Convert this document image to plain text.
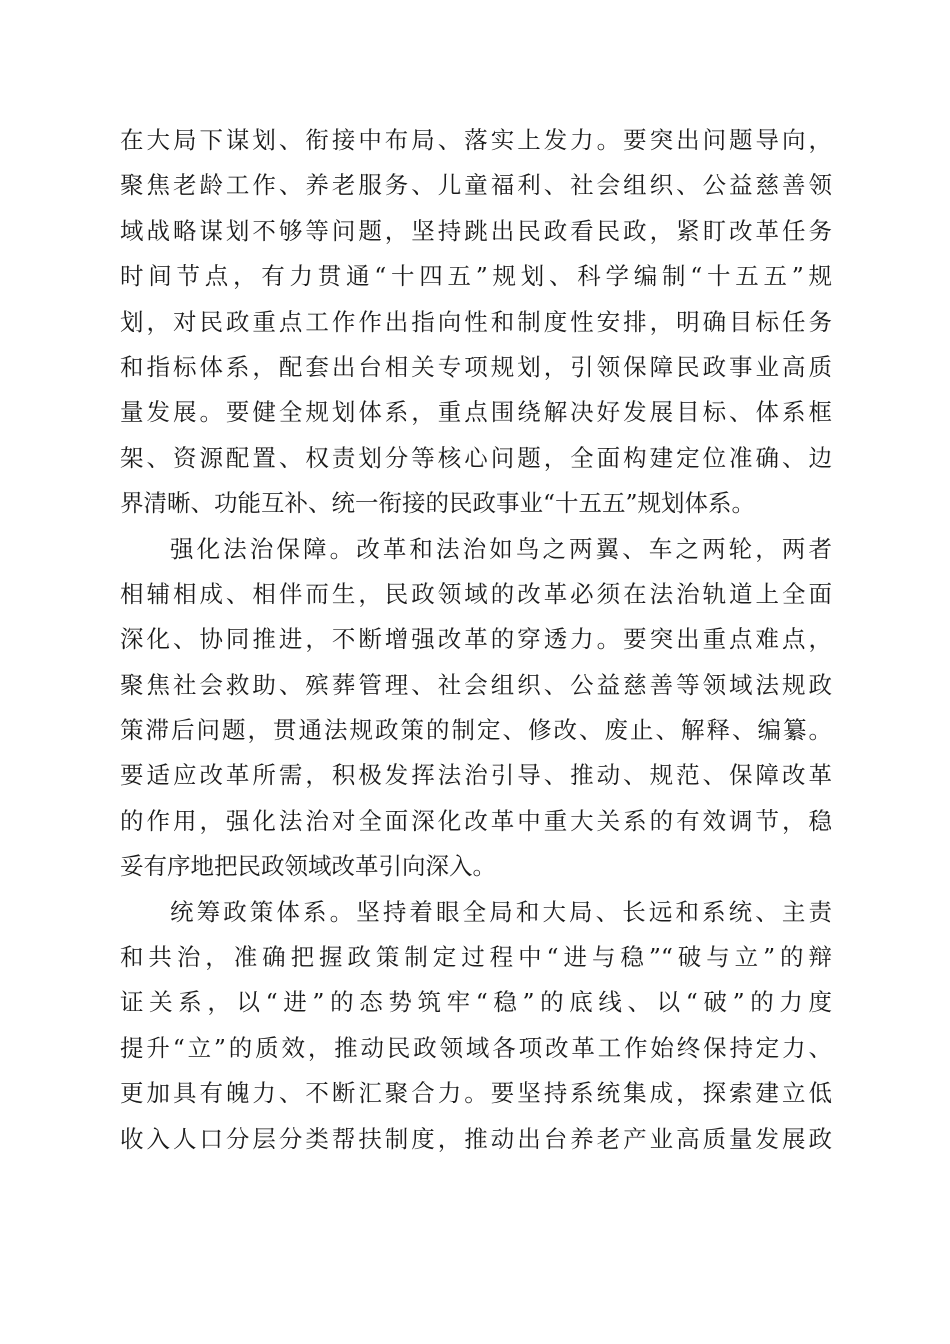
在大局下谋划、衔接中布局、落实上发力。要突出问题导向，
聚焦老龄工作、养老服务、儿童福利、社会组织、公益慈善领
域战略谋划不够等问题，坚持跳出民政看民政，紧盯改革任务
时间节点，有力贯通“十四五”规划、科学编制“十五五”规
划，对民政重点工作作出指向性和制度性安排，明确目标任务
和指标体系，配套出台相关专项规划，引领保障民政事业高质
量发展。要健全规划体系，重点围绕解决好发展目标、体系框
架、资源配置、权责划分等核心问题，全面构建定位准确、边
界清晰、功能互补、统一衔接的民政事业“十五五”规划体系。
强化法治保障。改革和法治如鸟之两翼、车之两轮，两者
相辅相成、相伴而生，民政领域的改革必须在法治轨道上全面
深化、协同推进，不断增强改革的穿透力。要突出重点难点，
聚焦社会救助、殡葬管理、社会组织、公益慈善等领域法规政
策滞后问题，贯通法规政策的制定、修改、废止、解释、编纂。
要适应改革所需，积极发挥法治引导、推动、规范、保障改革
的作用，强化法治对全面深化改革中重大关系的有效调节，稳
妥有序地把民政领域改革引向深入。
统筹政策体系。坚持着眼全局和大局、长远和系统、主责
和共治，准确把握政策制定过程中“进与稳”“破与立”的辩
证关系，以“进”的态势筑牢“稳”的底线、以“破”的力度
提升“立”的质效，推动民政领域各项改革工作始终保持定力、
更加具有魄力、不断汇聚合力。要坚持系统集成，探索建立低
收入人口分层分类帮扶制度，推动出台养老产业高质量发展政
